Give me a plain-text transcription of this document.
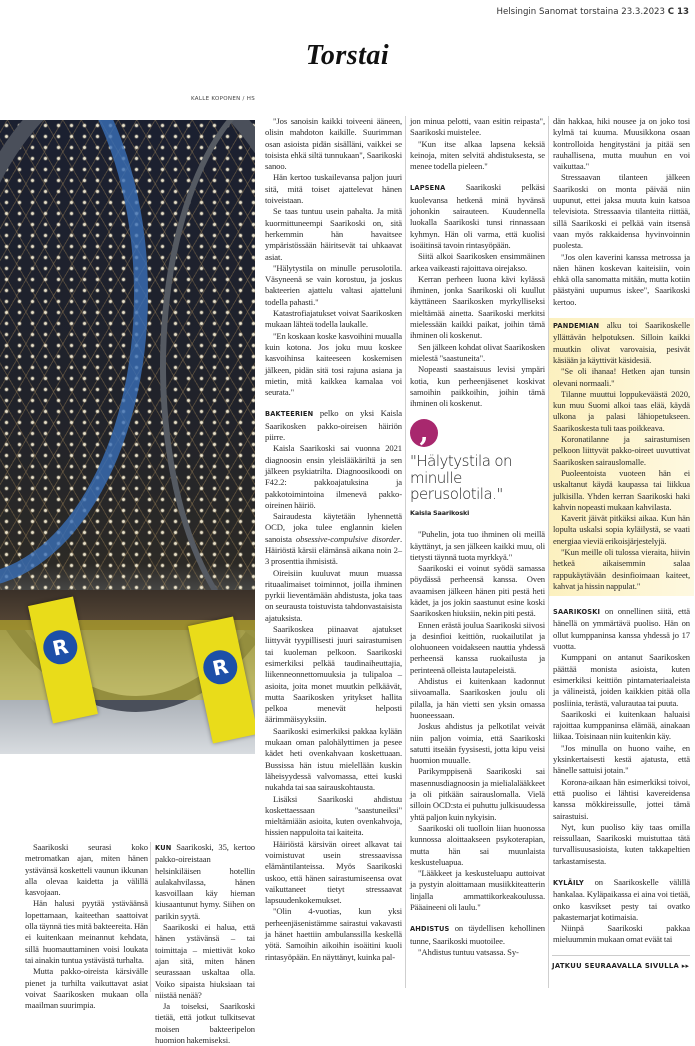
Helsingin Sanomat torstaina 23.3.2023 C 13
Torstai
KALLE KOPONEN / HS
R
R

Saarikoski seurasi koko metromatkan ajan, miten hänen ystävänsä kosketteli vaunun ikkunan alla olevaa kaidetta ja välillä kasvojaan.

Hän halusi pyytää ystäväänsä lopettamaan, kaiteethan saattoivat olla täynnä ties mitä bakteereita. Hän ei kuitenkaan meinannut kehdata, sillä huomauttaminen voisi loukata tai ainakin tuntua ystävästä turhalta.

Mutta pakko-oireista kärsivälle pienet ja turhilta vaikuttavat asiat voivat Saarikosken mukaan olla maailman suurimpia.

KUN Saarikoski, 35, kertoo pakko-oireistaan helsinkiläisen hotellin aulakahvilassa, hänen kasvoillaan käy hieman kiusaantunut hymy. Siihen on parikin syytä.

Saarikoski ei halua, että hänen ystävänsä – tai toimittaja – miettivät koko ajan sitä, miten hänen seurassaan uskaltaa olla. Voiko sipaista hiuksiaan tai niistää nenää?

Ja toiseksi, Saarikoski tietää, että jotkut tulkitsevat moisen bakteeripelon huomion hakemiseksi.

"Jos sanoisin kaikki toiveeni ääneen, olisin mahdoton kaikille. Suurimman osan asioista pidän sisälläni, vaikkei se toisista ehkä siltä tunnukaan", Saarikoski sanoo.

Hän kertoo tuskailevansa paljon juuri sitä, mitä toiset ajattelevat hänen toiveistaan.

Se taas tuntuu usein pahalta. Ja mitä kuormittuneempi Saarikoski on, sitä herkemmin hän havaitsee ympäristössään häiritsevät tai uhkaavat asiat.

"Hälytystila on minulle perusolotila. Väsyneenä se vain korostuu, ja joskus bakteerien ajattelu valtasi ajatteluni todella pahasti."

Katastrofiajatukset voivat Saarikosken mukaan lähteä todella laukalle.

"En koskaan koske kasvoihini muualla kuin kotona. Jos joku muu koskee kasvoihinsa kaiteeseen koskemisen jälkeen, pidän sitä tosi rajuna asiana ja mietin, mitä kaikkea kamalaa voi seurata."

BAKTEERIEN pelko on yksi Kaisla Saarikosken pakko-oireisen häiriön piirre.

Kaisla Saarikoski sai vuonna 2021 diagnoosin ensin yleislääkäriltä ja sen jälkeen psykiatrilta. Diagnoosikoodi on F42.2: pakkoajatuksina ja pakkotoimintoina ilmenevä pakko-oireinen häiriö.

Sairaudesta käytetään lyhennettä OCD, joka tulee englannin kielen sanoista obsessive-compulsive disorder. Häiriöstä kärsii elämänsä aikana noin 2–3 prosenttia ihmisistä.

Oireisiin kuuluvat muun muassa rituaalimaiset toiminnot, joilla ihminen pyrkii lieventämään ahdistusta, joka taas on seurausta toistuvista tahdonvastaisista ajatuksista.

Saarikoskea piinaavat ajatukset liittyvät tyypillisesti juuri sairastumisen tai kuoleman pelkoon. Saarikoski esimerkiksi pelkää taudinaiheuttajia, liikenneonnettomuuksia ja tulipaloa – asioita, joita monet muutkin pelkäävät, mutta Saarikosken yritykset hallita pelkoa menevät helposti äärimmäisyyksiin.

Saarikoski esimerkiksi pakkaa kylään mukaan oman palohälyttimen ja pesee kädet heti ovenkahvaan koskettuaan. Bussissa hän istuu mielellään kuskin läheisyydessä valvomassa, ettei kuski nukahda tai saa sairauskohtausta.

Lisäksi Saarikoski ahdistuu koskettaessaan "saastuneiksi" mieltämiään asioita, kuten ovenkahvoja, hissien nappuloita tai kaiteita.

Häiriöstä kärsivän oireet alkavat tai voimistuvat usein stressaavissa elämäntilanteissa. Myös Saarikoski uskoo, että hänen sairastumiseensa ovat vaikuttaneet tietyt stressaavat lapsuudenkokemukset.

"Olin 4-vuotias, kun yksi perheenjäsenistämme sairastui vakavasti ja hänet haettiin ambulanssilla keskellä yötä. Samoihin aikoihin isoäitini kuoli rintasyöpään. En näyttänyt, kuinka pal-

jon minua pelotti, vaan esitin reipasta", Saarikoski muistelee.

"Kun itse alkaa lapsena keksiä keinoja, miten selvitä ahdistuksesta, se menee todella pieleen."

LAPSENA Saarikoski pelkäsi kuolevansa hetkenä minä hyvänsä johonkin sairauteen. Kuudennella luokalla Saarikoski tunsi rinnassaan kyhmyn. Hän oli varma, että kuolisi isoäitinsä tavoin rintasyöpään.

Siitä alkoi Saarikosken ensimmäinen arkea vaikeasti rajoittava oirejakso.

Kerran perheen luona kävi kylässä ihminen, jonka Saarikoski oli kuullut käyttäneen Saarikosken myrkylliseksi mieltämää ainetta. Saarikoski merkitsi mielessään kaikki paikat, joihin tämä ihminen oli koskenut.

Sen jälkeen kohdat olivat Saarikosken mielestä "saastuneita".

Nopeasti saastaisuus levisi ympäri kotia, kun perheenjäsenet koskivat samoihin paikkoihin, joihin tämä ihminen oli koskenut.

,
"Hälytystila on minulle perusolotila."
Kaisla Saarikoski

"Puhelin, jota tuo ihminen oli meillä käyttänyt, ja sen jälkeen kaikki muu, oli tietysti täynnä tuota myrkkyä."

Saarikoski ei voinut syödä samassa pöydässä perheensä kanssa. Oven avaamisen jälkeen hänen piti pestä heti kädet, ja jos jokin saastunut esine koski Saarikosken hiuksiin, nekin piti pestä.

Ennen erästä joulua Saarikoski siivosi ja desinfioi keittiön, ruokailutilat ja olohuoneen voidakseen nauttia yhdessä perheensä kanssa ruokailusta ja perinteenä olleista lautapeleistä.

Ahdistus ei kuitenkaan kadonnut siivoamalla. Saarikosken joulu oli pilalla, ja hän vietti sen yksin omassa huoneessaan.

Joskus ahdistus ja pelkotilat veivät niin paljon voimia, että Saarikoski satutti itseään fyysisesti, jotta kipu veisi huomion muualle.

Parikymppisenä Saarikoski sai masennusdiagnoosin ja mielialalääkkeet ja oli pitkään sairauslomalla. Vielä silloin OCD:sta ei puhuttu julkisuudessa yhtä paljon kuin nykyisin.

Saarikoski oli tuolloin liian huonossa kunnossa aloittaakseen psykoterapian, mutta hän sai muunlaista keskusteluapua.

"Lääkkeet ja keskusteluapu auttoivat ja pystyin aloittamaan musiikkiteatterin linjalla ammattikorkeakoulussa. Pääaineeni oli laulu."

AHDISTUS on täydellisen kehollinen tunne, Saarikoski muotoilee.

"Ahdistus tuntuu vatsassa. Sy-

dän hakkaa, hiki nousee ja on joko tosi kylmä tai kuuma. Muusikkona osaan kontrolloida hengitystäni ja pitää sen rauhallisena, mutta muuhun en voi vaikuttaa."

Stressaavan tilanteen jälkeen Saarikoski on monta päivää niin uupunut, ettei jaksa muuta kuin katsoa televisiota. Stressaavia tilanteita riittää, sillä Saarikoski ei pelkää vain itsensä vaan myös rakkaidensa hyvinvoinnin puolesta.

"Jos olen kaverini kanssa metrossa ja näen hänen koskevan kaiteisiin, voin ehkä olla sanomatta mitään, mutta kotiin päästyäni uupumus iskee", Saarikoski kertoo.

PANDEMIAN alku toi Saarikoskelle yllättävän helpotuksen. Silloin kaikki muutkin olivat varovaisia, pesivät käsiään ja käyttivät käsidesiä.

"Se oli ihanaa! Hetken ajan tunsin olevani normaali."

Tilanne muuttui loppukeväästä 2020, kun muu Suomi alkoi taas elää, käydä ulkona ja palasi lähiopetukseen. Saarikoskesta tuli taas poikkeava.

Koronatilanne ja sairastumisen pelkoon liittyvät pakko-oireet uuvuttivat Saarikosken sairauslomalle.

Puoleentoista vuoteen hän ei uskaltanut käydä kaupassa tai liikkua julkisilla. Yhden kerran Saarikoski haki kahvin nopeasti mukaan kahvilasta.

Kaverit jäivät pitkäksi aikaa. Kun hän lopulta uskalsi sopia kyläilystä, se vaati energiaa vieviä erikoisjärjestelyjä.

"Kun meille oli tulossa vieraita, hiivin hetkeä aikaisemmin salaa rappukäytävään desinfioimaan kaiteet, kahvat ja hissin nappulat."

SAARIKOSKI on onnellinen siitä, että hänellä on ymmärtävä puoliso. Hän on ollut kumppaninsa kanssa yhdessä jo 17 vuotta.

Kumppani on antanut Saarikosken päättää monista asioista, kuten esimerkiksi keittiön pintamateriaaleista ja välineistä, joiden kaikkien pitää olla posliinia, terästä, valurautaa tai puuta.

Saarikoski ei kuitenkaan haluaisi rajoittaa kumppaninsa elämää, ainakaan liikaa. Toisinaan niin kuitenkin käy.

"Jos minulla on huono vaihe, en yksinkertaisesti kestä ajatusta, että hänelle sattuisi jotain."

Korona-aikaan hän esimerkiksi toivoi, että puoliso ei lähtisi kavereidensa kanssa mökkireissulle, jottei tämä sairastuisi.

Nyt, kun puoliso käy taas omilla reissullaan, Saarikoski muistuttaa tätä turvallisuusasioista, kuten takkapeltien tarkastamisesta.

KYLÄILY on Saarikoskelle välillä hankalaa. Kyläpaikassa ei aina voi tietää, onko kasvikset pesty tai ovatko pakastemarjat kotimaisia.

Niinpä Saarikoski pakkaa mieluummin mukaan omat eväät tai

JATKUU SEURAAVALLA SIVULLA ▸▸
